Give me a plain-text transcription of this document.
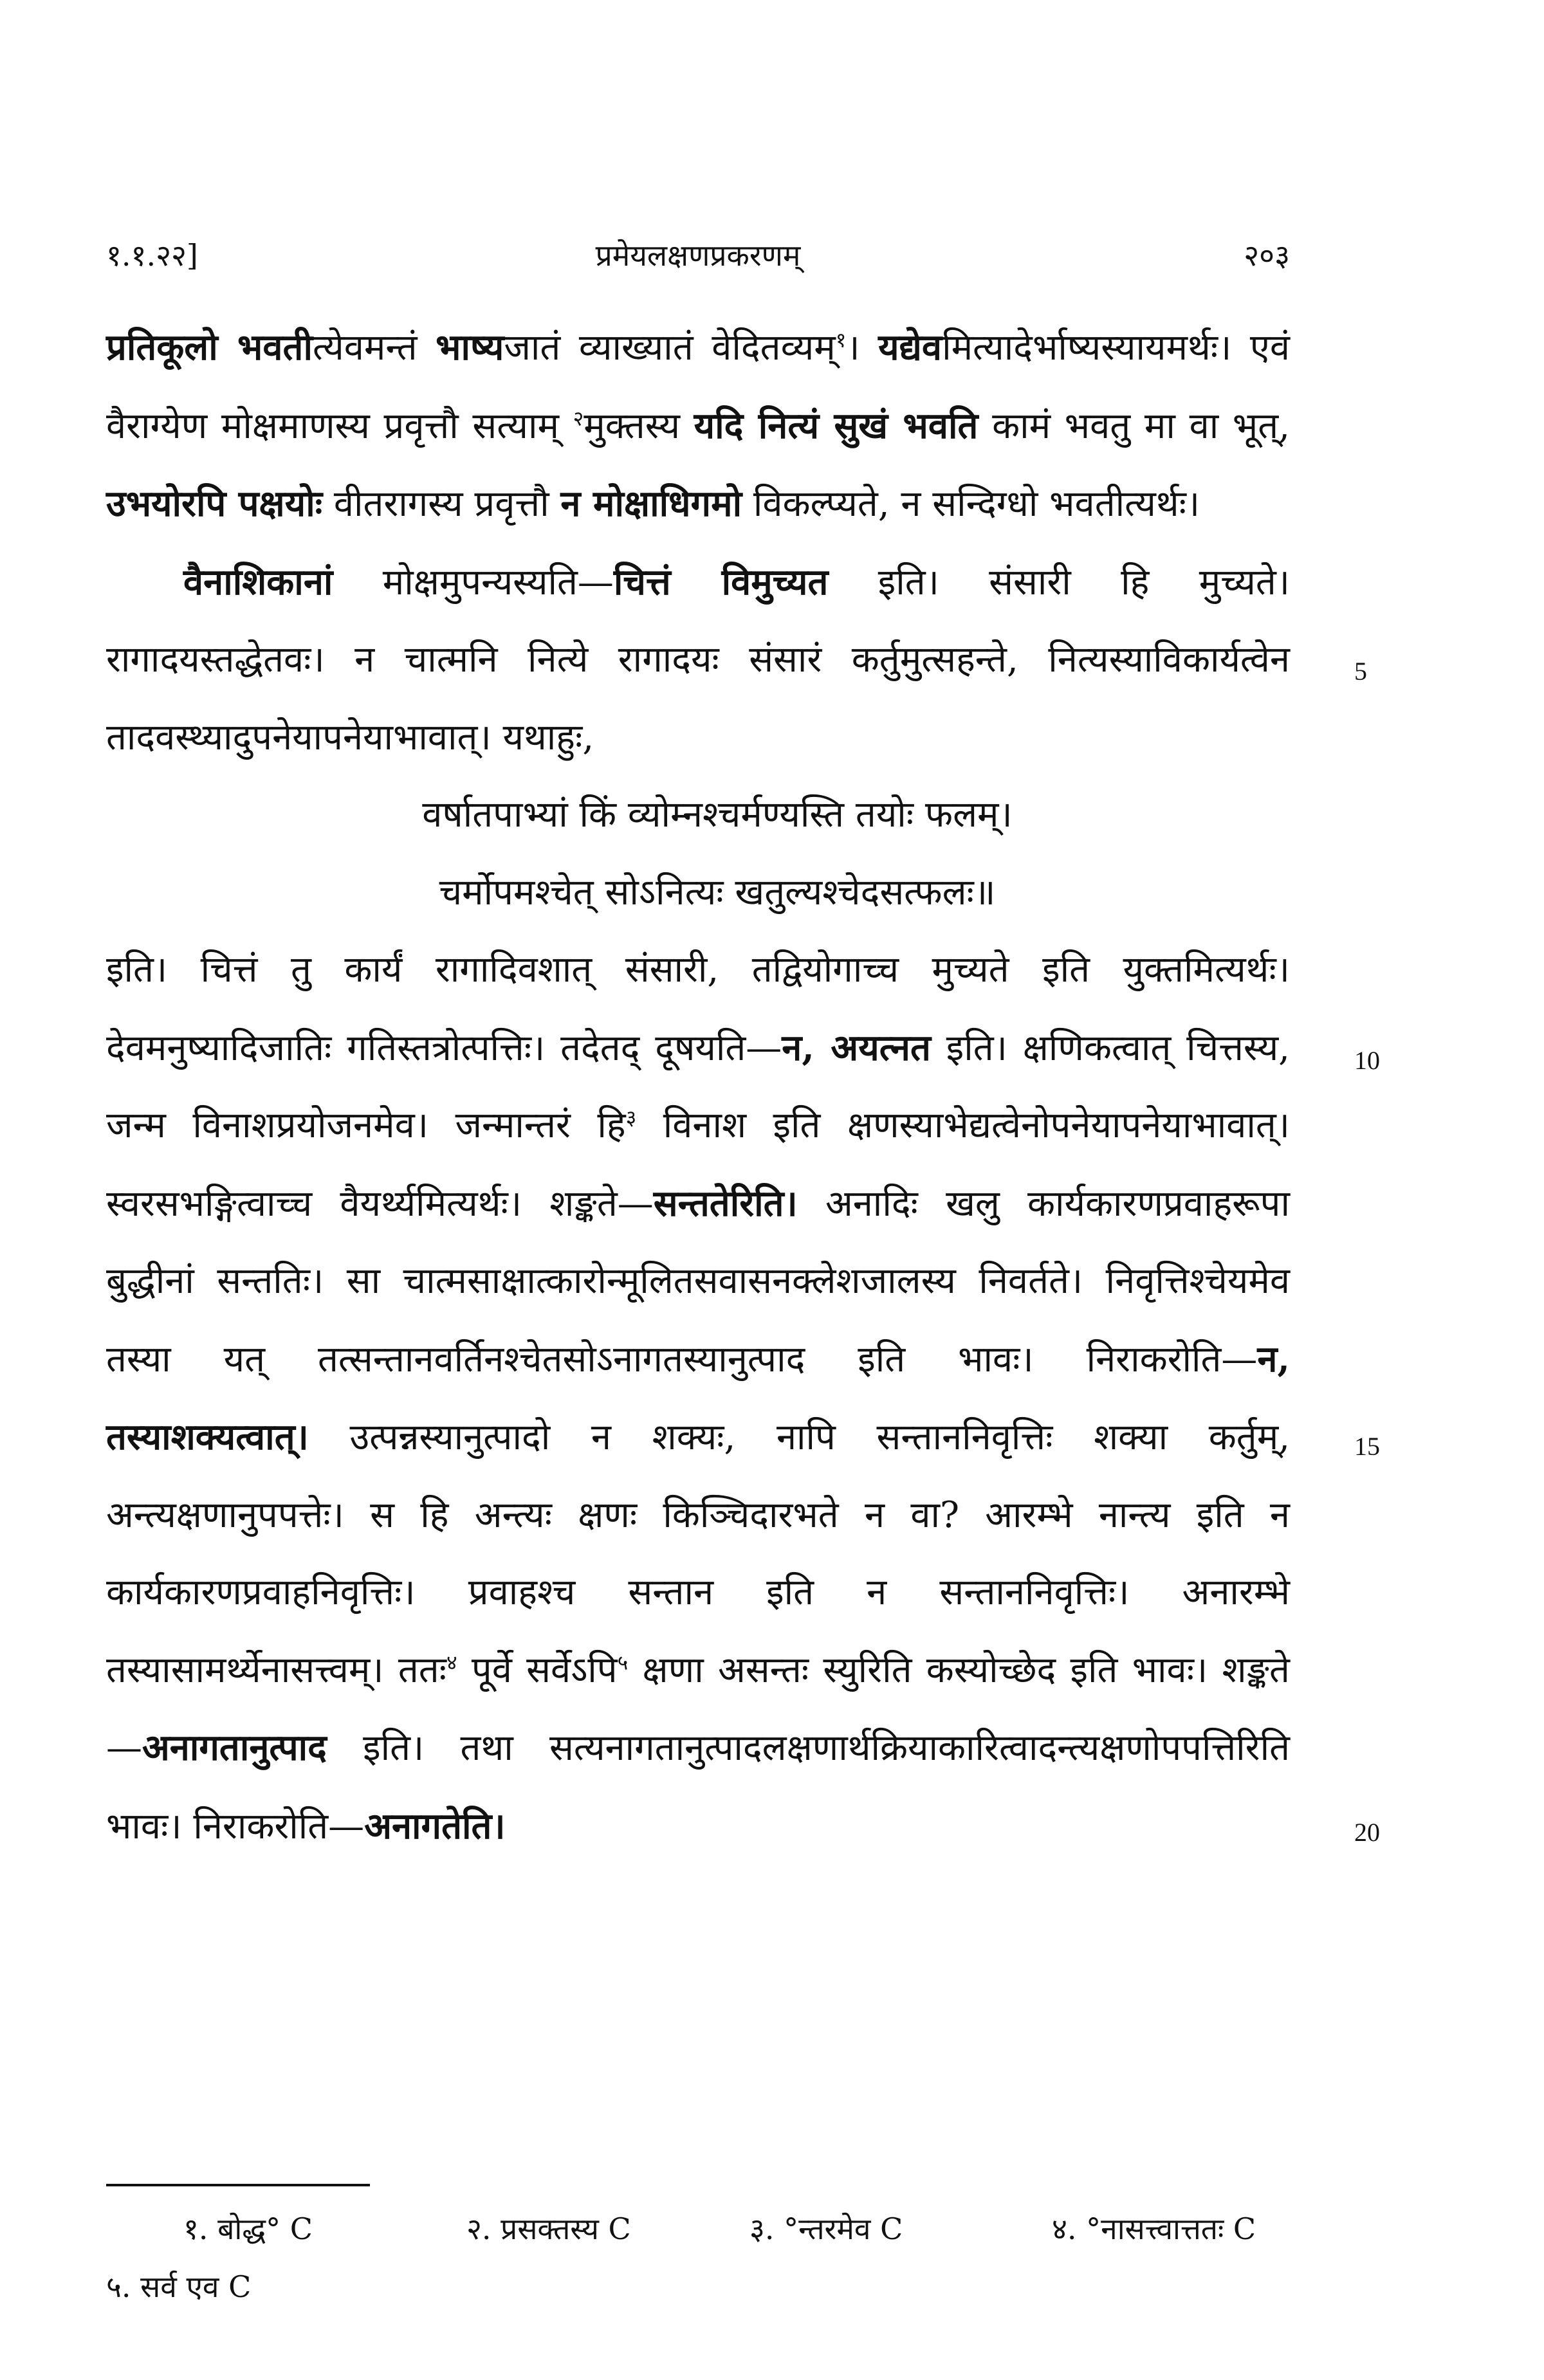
१.१.२२]	प्रमेयलक्षणप्रकरणम्	२०३

प्रतिकूलो भवतीत्येवमन्तं भाष्यजातं व्याख्यातं वेदितव्यम्$^१$। यद्येवमित्यादेर्भाष्यस्यायमर्थः। एवं वैराग्येण मोक्षमाणस्य प्रवृत्तौ सत्याम् $^२$मुक्तस्य यदि नित्यं सुखं भवति कामं भवतु मा वा भूत्, उभयोरपि पक्षयोः वीतरागस्य प्रवृत्तौ न मोक्षाधिगमो विकल्प्यते, न सन्दिग्धो भवतीत्यर्थः।

वैनाशिकानां मोक्षमुपन्यस्यति—चित्तं विमुच्यत इति। संसारी हि मुच्यते। रागादयस्तद्धेतवः। न चात्मनि नित्ये रागादयः संसारं कर्तुमुत्सहन्ते, नित्यस्याविकार्यत्वेन तादवस्थ्यादुपनेयापनेयाभावात्। यथाहुः,

वर्षातपाभ्यां किं व्योम्नश्चर्मण्यस्ति तयोः फलम्।

चर्मोपमश्चेत् सोऽनित्यः खतुल्यश्चेदसत्फलः॥

इति। चित्तं तु कार्यं रागादिवशात् संसारी, तद्वियोगाच्च मुच्यते इति युक्तमित्यर्थः। देवमनुष्यादिजातिः गतिस्तत्रोत्पत्तिः। तदेतद् दूषयति—न, अयत्नत इति। क्षणिकत्वात् चित्तस्य, जन्म विनाशप्रयोजनमेव। जन्मान्तरं हि$^३$ विनाश इति क्षणस्याभेद्यत्वेनोपनेयापनेयाभावात्। स्वरसभङ्गित्वाच्च वैयर्थ्यमित्यर्थः। शङ्कते—सन्ततेरिति। अनादिः खलु कार्यकारणप्रवाहरूपा बुद्धीनां सन्ततिः। सा चात्मसाक्षात्कारोन्मूलितसवासनक्लेशजालस्य निवर्तते। निवृत्तिश्चेयमेव तस्या यत् तत्सन्तानवर्तिनश्चेतसोऽनागतस्यानुत्पाद इति भावः। निराकरोति—न, तस्याशक्यत्वात्। उत्पन्नस्यानुत्पादो न शक्यः, नापि सन्ताननिवृत्तिः शक्या कर्तुम्, अन्त्यक्षणानुपपत्तेः। स हि अन्त्यः क्षणः किञ्चिदारभते न वा? आरम्भे नान्त्य इति न कार्यकारणप्रवाहनिवृत्तिः। प्रवाहश्च सन्तान इति न सन्ताननिवृत्तिः। अनारम्भे तस्यासामर्थ्येनासत्त्वम्। ततः$^४$ पूर्वे सर्वेऽपि$^५$ क्षणा असन्तः स्युरिति कस्योच्छेद इति भावः। शङ्कते—अनागतानुत्पाद इति। तथा सत्यनागतानुत्पादलक्षणार्थक्रियाकारित्वादन्त्यक्षणोपपत्तिरिति भावः। निराकरोति—अनागतेति।

5
10
15
20
१. बोद्ध° C	२. प्रसक्तस्य C	३. °न्तरमेव C	४. °नासत्त्वात्ततः C
५. सर्व एव C
